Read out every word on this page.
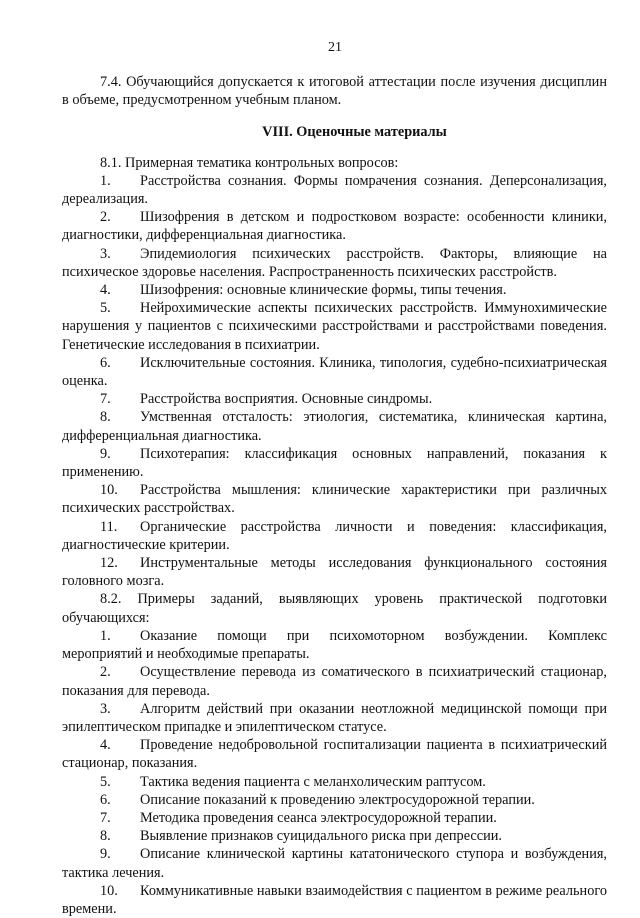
21

7.4. Обучающийся допускается к итоговой аттестации после изучения дисциплин в объеме, предусмотренном учебным планом.

VIII. Оценочные материалы

8.1. Примерная тематика контрольных вопросов:

1. Расстройства сознания. Формы помрачения сознания. Деперсонализация, дереализация.

2. Шизофрения в детском и подростковом возрасте: особенности клиники, диагностики, дифференциальная диагностика.

3. Эпидемиология психических расстройств. Факторы, влияющие на психическое здоровье населения. Распространенность психических расстройств.

4. Шизофрения: основные клинические формы, типы течения.

5. Нейрохимические аспекты психических расстройств. Иммунохимические нарушения у пациентов с психическими расстройствами и расстройствами поведения. Генетические исследования в психиатрии.

6. Исключительные состояния. Клиника, типология, судебно-психиатрическая оценка.

7. Расстройства восприятия. Основные синдромы.

8. Умственная отсталость: этиология, систематика, клиническая картина, дифференциальная диагностика.

9. Психотерапия: классификация основных направлений, показания к применению.

10. Расстройства мышления: клинические характеристики при различных психических расстройствах.

11. Органические расстройства личности и поведения: классификация, диагностические критерии.

12. Инструментальные методы исследования функционального состояния головного мозга.

8.2. Примеры заданий, выявляющих уровень практической подготовки обучающихся:

1. Оказание помощи при психомоторном возбуждении. Комплекс мероприятий и необходимые препараты.

2. Осуществление перевода из соматического в психиатрический стационар, показания для перевода.

3. Алгоритм действий при оказании неотложной медицинской помощи при эпилептическом припадке и эпилептическом статусе.

4. Проведение недобровольной госпитализации пациента в психиатрический стационар, показания.

5. Тактика ведения пациента с меланхолическим раптусом.

6. Описание показаний к проведению электросудорожной терапии.

7. Методика проведения сеанса электросудорожной терапии.

8. Выявление признаков суицидального риска при депрессии.

9. Описание клинической картины кататонического ступора и возбуждения, тактика лечения.

10. Коммуникативные навыки взаимодействия с пациентом в режиме реального времени.
